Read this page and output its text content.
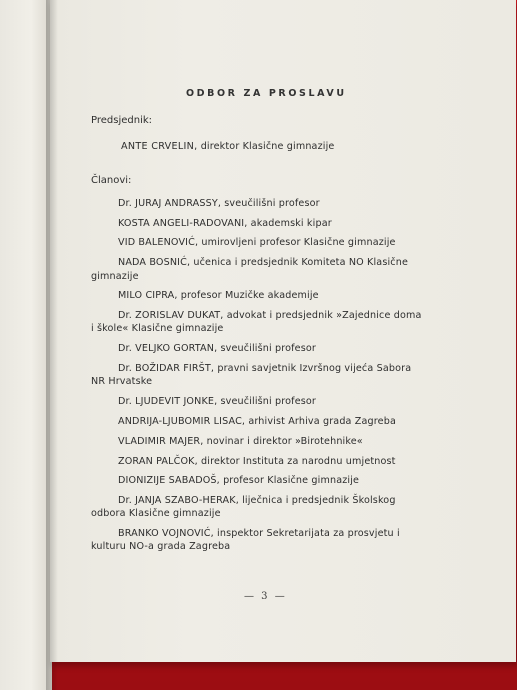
ODBOR ZA PROSLAVU
Predsjednik:
ANTE CRVELIN, direktor Klasične gimnazije
Članovi:
Dr. JURAJ ANDRASSY, sveučilišni profesor
KOSTA ANGELI-RADOVANI, akademski kipar
VID BALENOVIĆ, umirovljeni profesor Klasične gimnazije
NADA BOSNIĆ, učenica i predsjednik Komiteta NO Klasične
gimnazije
MILO CIPRA, profesor Muzičke akademije
Dr. ZORISLAV DUKAT, advokat i predsjednik »Zajednice doma
i škole« Klasične gimnazije
Dr. VELJKO GORTAN, sveučilišni profesor
Dr. BOŽIDAR FIRŠT, pravni savjetnik Izvršnog vijeća Sabora
NR Hrvatske
Dr. LJUDEVIT JONKE, sveučilišni profesor
ANDRIJA-LJUBOMIR LISAC, arhivist Arhiva grada Zagreba
VLADIMIR MAJER, novinar i direktor »Birotehnike«
ZORAN PALČOK, direktor Instituta za narodnu umjetnost
DIONIZIJE SABADOŠ, profesor Klasične gimnazije
Dr. JANJA SZABO-HERAK, liječnica i predsjednik Školskog
odbora Klasične gimnazije
BRANKO VOJNOVIĆ, inspektor Sekretarijata za prosvjetu i
kulturu NO-a grada Zagreba
— 3 —
